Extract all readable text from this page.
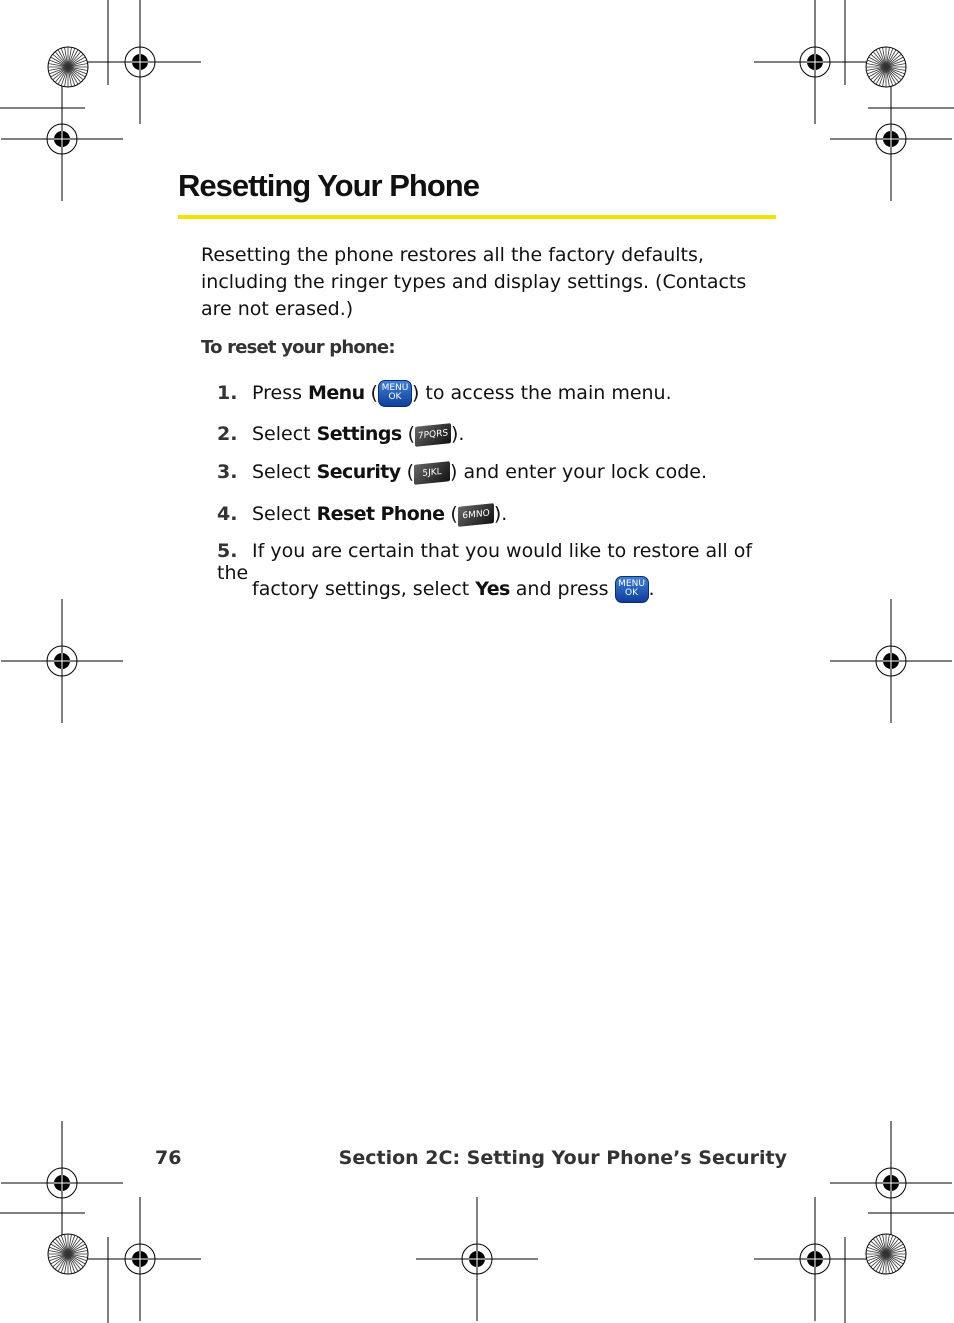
Resetting Your Phone

Resetting the phone restores all the factory defaults, including the ringer types and display settings. (Contacts are not erased.)

To reset your phone:
1. Press Menu ( MENU
OK ) to access the main menu.
2. Select Settings ( 7PQRS ).
3. Select Security ( 5JKL ) and enter your lock code.
4. Select Reset Phone ( 6MNO ).
5. If you are certain that you would like to restore all of the
factory settings, select Yes and press MENU
OK .
76	Section 2C: Setting Your Phone’s Security
